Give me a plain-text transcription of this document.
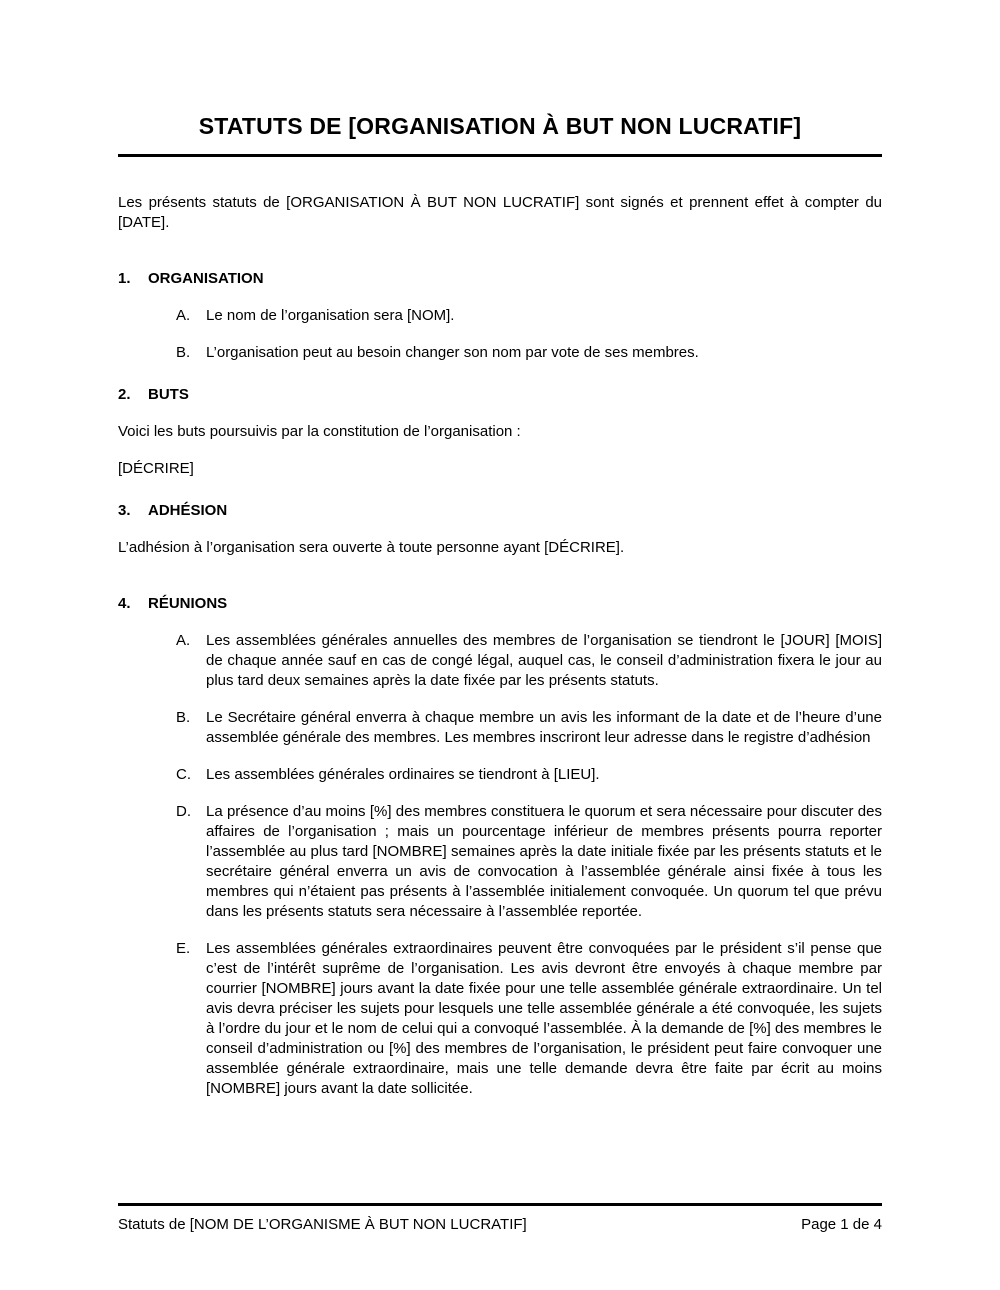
STATUTS DE [ORGANISATION À BUT NON LUCRATIF]

Les présents statuts de [ORGANISATION À BUT NON LUCRATIF] sont signés et prennent effet à compter du [DATE].

1.	ORGANISATION
A.	Le nom de l’organisation sera [NOM].
B.	L’organisation peut au besoin changer son nom par vote de ses membres.
2.	BUTS

Voici les buts poursuivis par la constitution de l’organisation :

[DÉCRIRE]

3.	ADHÉSION

L’adhésion à l’organisation sera ouverte à toute personne ayant [DÉCRIRE].

4.	RÉUNIONS
A.	Les assemblées générales annuelles des membres de l’organisation se tiendront le [JOUR] [MOIS] de chaque année sauf en cas de congé légal, auquel cas, le conseil d’administration fixera le jour au plus tard deux semaines après la date fixée par les présents statuts.
B.	Le Secrétaire général enverra à chaque membre un avis les informant de la date et de l’heure d’une assemblée générale des membres. Les membres inscriront leur adresse dans le registre d’adhésion
C.	Les assemblées générales ordinaires se tiendront à [LIEU].
D.	La présence d’au moins [%] des membres constituera le quorum et sera nécessaire pour discuter des affaires de l’organisation ; mais un pourcentage inférieur de membres présents pourra reporter l’assemblée au plus tard [NOMBRE] semaines après la date initiale fixée par les présents statuts et le secrétaire général enverra un avis de convocation à l’assemblée générale ainsi fixée à tous les membres qui n’étaient pas présents à l’assemblée initialement convoquée. Un quorum tel que prévu dans les présents statuts sera nécessaire à l’assemblée reportée.
E.	Les assemblées générales extraordinaires peuvent être convoquées par le président s’il pense que c’est de l’intérêt suprême de l’organisation. Les avis devront être envoyés à chaque membre par courrier [NOMBRE] jours avant la date fixée pour une telle assemblée générale extraordinaire. Un tel avis devra préciser les sujets pour lesquels une telle assemblée générale a été convoquée, les sujets à l’ordre du jour et le nom de celui qui a convoqué l’assemblée. À la demande de [%] des membres le conseil d’administration ou [%] des membres de l’organisation, le président peut faire convoquer une assemblée générale extraordinaire, mais une telle demande devra être faite par écrit au moins [NOMBRE] jours avant la date sollicitée.
Statuts de [NOM DE L’ORGANISME À BUT NON LUCRATIF]	Page 1 de 4
